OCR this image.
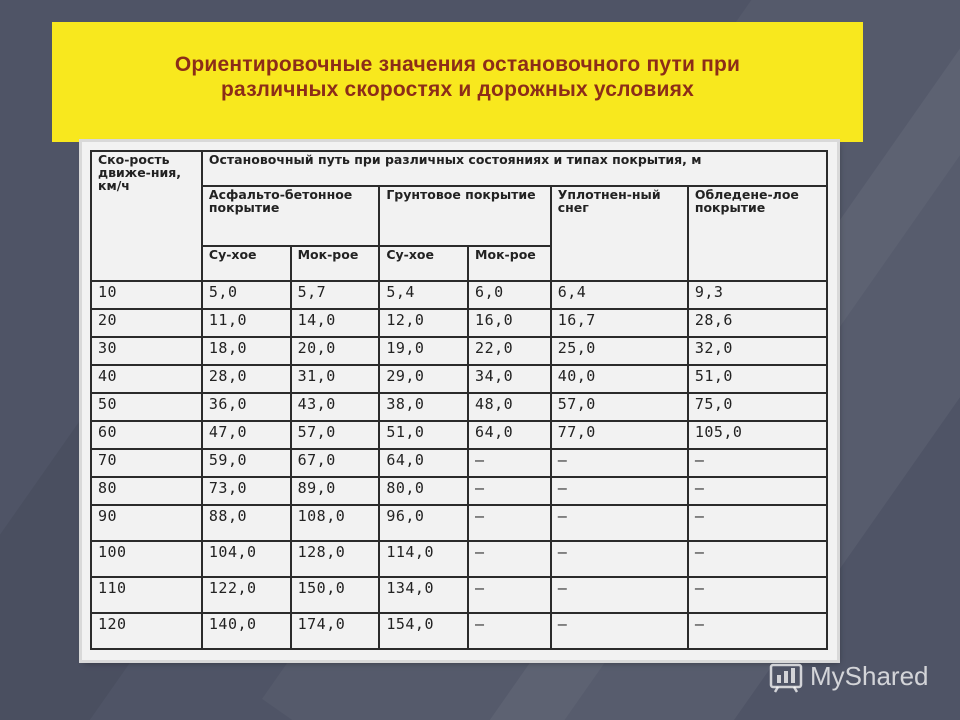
Ориентировочные значения остановочного пути при
различных скоростях и дорожных условиях
Ско-рость движе-ния, км/ч	Остановочный путь при различных состояниях и типах покрытия, м					
	Асфальто-бетонное покрытие		Грунтовое покрытие		Уплотнен-ный снег	Обледене-лое покрытие
	Су-хое	Мок-рое	Су-хое	Мок-рое		
10	5,0	5,7	5,4	6,0	6,4	9,3
20	11,0	14,0	12,0	16,0	16,7	28,6
30	18,0	20,0	19,0	22,0	25,0	32,0
40	28,0	31,0	29,0	34,0	40,0	51,0
50	36,0	43,0	38,0	48,0	57,0	75,0
60	47,0	57,0	51,0	64,0	77,0	105,0
70	59,0	67,0	64,0	—	—	—
80	73,0	89,0	80,0	—	—	—
90	88,0	108,0	96,0	—	—	—
100	104,0	128,0	114,0	—	—	—
110	122,0	150,0	134,0	—	—	—
120	140,0	174,0	154,0	—	—	—
MyShared
